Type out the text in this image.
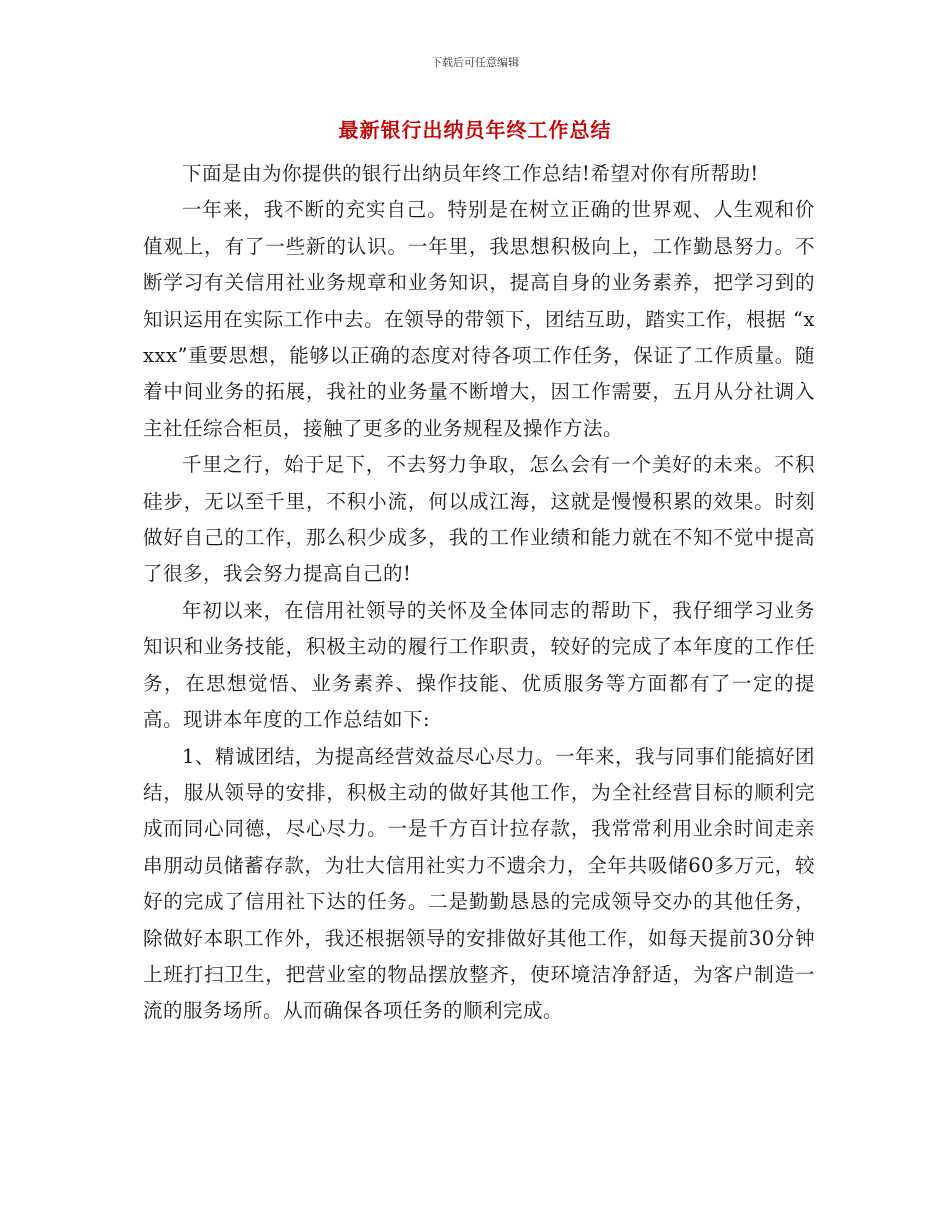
下载后可任意编辑
最新银行出纳员年终工作总结

下面是由为你提供的银行出纳员年终工作总结!希望对你有所帮助!

一年来，我不断的充实自己。特别是在树立正确的世界观、人生观和价值观上，有了一些新的认识。一年里，我思想积极向上，工作勤恳努力。不断学习有关信用社业务规章和业务知识，提高自身的业务素养，把学习到的知识运用在实际工作中去。在领导的带领下，团结互助，踏实工作，根据 “xxxx”重要思想，能够以正确的态度对待各项工作任务，保证了工作质量。随着中间业务的拓展，我社的业务量不断增大，因工作需要，五月从分社调入主社任综合柜员，接触了更多的业务规程及操作方法。

千里之行，始于足下，不去努力争取，怎么会有一个美好的未来。不积硅步，无以至千里，不积小流，何以成江海，这就是慢慢积累的效果。时刻做好自己的工作，那么积少成多，我的工作业绩和能力就在不知不觉中提高了很多，我会努力提高自己的!

年初以来，在信用社领导的关怀及全体同志的帮助下，我仔细学习业务知识和业务技能，积极主动的履行工作职责，较好的完成了本年度的工作任务，在思想觉悟、业务素养、操作技能、优质服务等方面都有了一定的提高。现讲本年度的工作总结如下:

1、精诚团结，为提高经营效益尽心尽力。一年来，我与同事们能搞好团结，服从领导的安排，积极主动的做好其他工作，为全社经营目标的顺利完成而同心同德，尽心尽力。一是千方百计拉存款，我常常利用业余时间走亲串朋动员储蓄存款，为壮大信用社实力不遗余力，全年共吸储60多万元，较好的完成了信用社下达的任务。二是勤勤恳恳的完成领导交办的其他任务，除做好本职工作外，我还根据领导的安排做好其他工作，如每天提前30分钟上班打扫卫生，把营业室的物品摆放整齐，使环境洁净舒适，为客户制造一流的服务场所。从而确保各项任务的顺利完成。
